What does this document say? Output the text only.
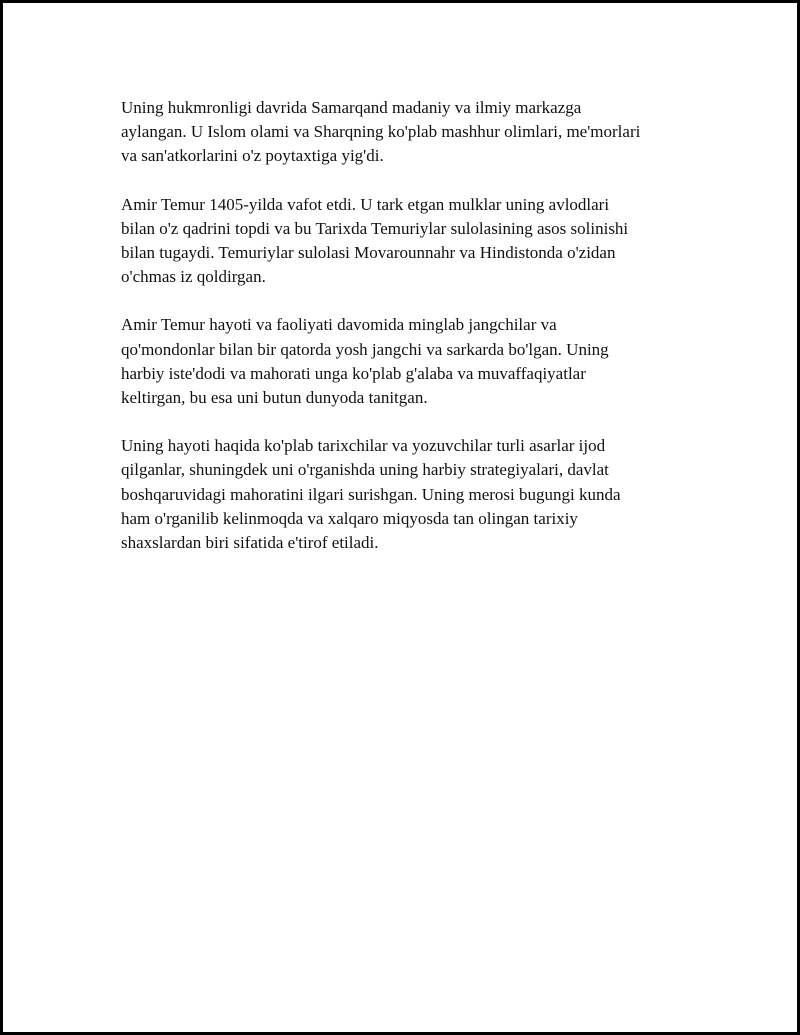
Uning hukmronligi davrida Samarqand madaniy va ilmiy markazga
aylangan. U Islom olami va Sharqning ko'plab mashhur olimlari, me'morlari
va san'atkorlarini o'z poytaxtiga yig'di.

Amir Temur 1405-yilda vafot etdi. U tark etgan mulklar uning avlodlari
bilan o'z qadrini topdi va bu Tarixda Temuriylar sulolasining asos solinishi
bilan tugaydi. Temuriylar sulolasi Movarounnahr va Hindistonda o'zidan
o'chmas iz qoldirgan.

Amir Temur hayoti va faoliyati davomida minglab jangchilar va
qo'mondonlar bilan bir qatorda yosh jangchi va sarkarda bo'lgan. Uning
harbiy iste'dodi va mahorati unga ko'plab g'alaba va muvaffaqiyatlar
keltirgan, bu esa uni butun dunyoda tanitgan.

Uning hayoti haqida ko'plab tarixchilar va yozuvchilar turli asarlar ijod
qilganlar, shuningdek uni o'rganishda uning harbiy strategiyalari, davlat
boshqaruvidagi mahoratini ilgari surishgan. Uning merosi bugungi kunda
ham o'rganilib kelinmoqda va xalqaro miqyosda tan olingan tarixiy
shaxslardan biri sifatida e'tirof etiladi.
